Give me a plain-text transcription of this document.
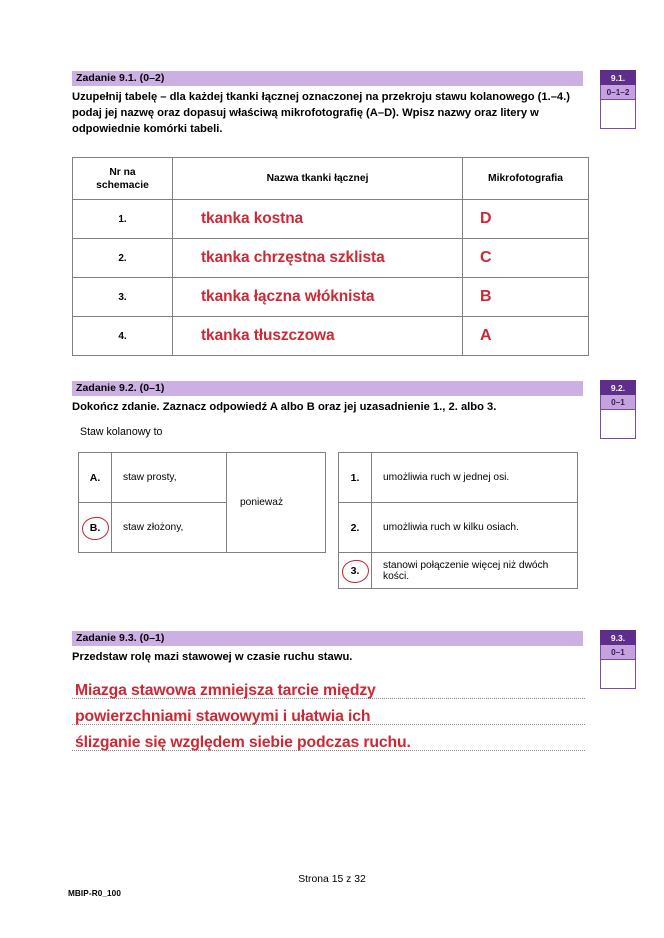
Zadanie 9.1. (0–2)
Uzupełnij tabelę – dla każdej tkanki łącznej oznaczonej na przekroju stawu kolanowego (1.–4.) podaj jej nazwę oraz dopasuj właściwą mikrofotografię (A–D). Wpisz nazwy oraz litery w odpowiednie komórki tabeli.
9.1.
0–1–2
Nr na
schemacie	Nazwa tkanki łącznej	Mikrofotografia
1.	tkanka kostna	D
2.	tkanka chrzęstna szklista	C
3.	tkanka łączna włóknista	B
4.	tkanka tłuszczowa	A
Zadanie 9.2. (0–1)
Dokończ zdanie. Zaznacz odpowiedź A albo B oraz jej uzasadnienie 1., 2. albo 3.
Staw kolanowy to
9.2.
0–1
A.	staw prosty,	ponieważ		1.	umożliwia ruch w jednej osi.
B.	staw złożony,			2.	umożliwia ruch w kilku osiach.
				3.	stanowi połączenie więcej niż dwóch kości.
Zadanie 9.3. (0–1)
Przedstaw rolę mazi stawowej w czasie ruchu stawu.
9.3.
0–1
Miazga stawowa zmniejsza tarcie między
powierzchniami stawowymi i ułatwia ich
ślizganie się względem siebie podczas ruchu.
Strona 15 z 32
MBIP-R0_100
